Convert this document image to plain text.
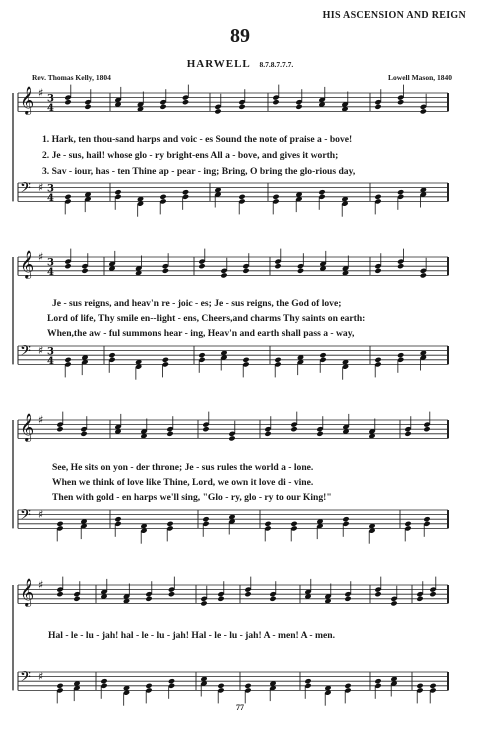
HIS ASCENSION AND REIGN
89
HARWELL 8.7.8.7.7.7.
Rev. Thomas Kelly, 1804	Lowell Mason, 1840
1. Hark, ten thou-sand harps and voic - es Sound the note of praise a - bove!
2. Je - sus, hail! whose glo - ry bright-ens All a - bove, and gives it worth;
3. Sav - iour, has - ten Thine ap - pear - ing; Bring, O bring the glo-rious day,
Je - sus reigns, and heav'n re - joic - es; Je - sus reigns, the God of love;
Lord of life, Thy smile en--light - ens, Cheers,and charms Thy saints on earth:
When,the aw - ful summons hear - ing, Heav'n and earth shall pass a - way,
See, He sits on yon - der throne; Je - sus rules the world a - lone.
When we think of love like Thine, Lord, we own it love di - vine.
Then with gold - en harps we'll sing, "Glo - ry, glo - ry to our King!"
Hal - le - lu - jah! hal - le - lu - jah! Hal - le - lu - jah! A - men! A - men.
77
𝄞 ♯ 3
4
𝄢 ♯ 3
4
𝄞 ♯ 3
4
𝄢 ♯ 3
4
𝄞 ♯
𝄢 ♯
𝄞 ♯
𝄢 ♯
